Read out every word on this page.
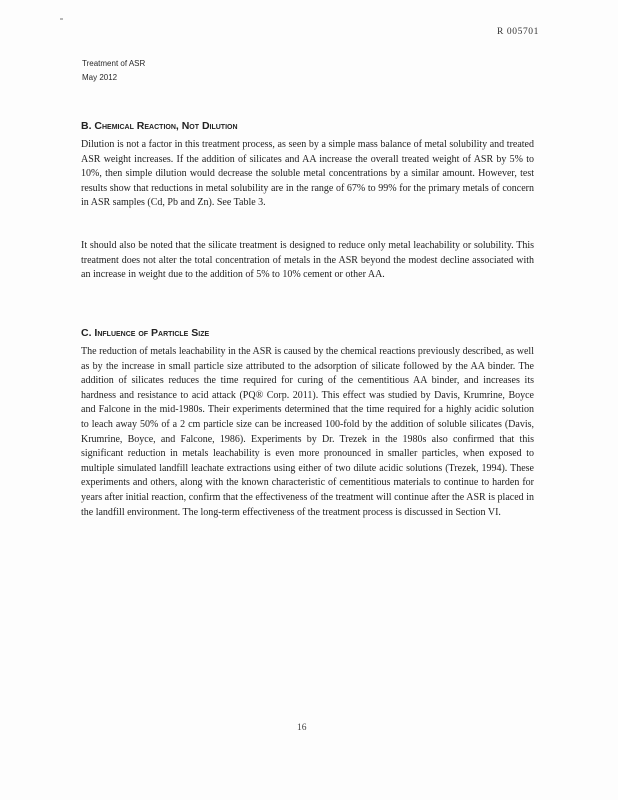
R 005701
Treatment of ASR
May 2012
B. Chemical Reaction, Not Dilution

Dilution is not a factor in this treatment process, as seen by a simple mass balance of metal solubility and treated ASR weight increases. If the addition of silicates and AA increase the overall treated weight of ASR by 5% to 10%, then simple dilution would decrease the soluble metal concentrations by a similar amount. However, test results show that reductions in metal solubility are in the range of 67% to 99% for the primary metals of concern in ASR samples (Cd, Pb and Zn). See Table 3.

It should also be noted that the silicate treatment is designed to reduce only metal leachability or solubility. This treatment does not alter the total concentration of metals in the ASR beyond the modest decline associated with an increase in weight due to the addition of 5% to 10% cement or other AA.

C. Influence of Particle Size

The reduction of metals leachability in the ASR is caused by the chemical reactions previously described, as well as by the increase in small particle size attributed to the adsorption of silicate followed by the AA binder. The addition of silicates reduces the time required for curing of the cementitious AA binder, and increases its hardness and resistance to acid attack (PQ® Corp. 2011). This effect was studied by Davis, Krumrine, Boyce and Falcone in the mid-1980s. Their experiments determined that the time required for a highly acidic solution to leach away 50% of a 2 cm particle size can be increased 100-fold by the addition of soluble silicates (Davis, Krumrine, Boyce, and Falcone, 1986). Experiments by Dr. Trezek in the 1980s also confirmed that this significant reduction in metals leachability is even more pronounced in smaller particles, when exposed to multiple simulated landfill leachate extractions using either of two dilute acidic solutions (Trezek, 1994). These experiments and others, along with the known characteristic of cementitious materials to continue to harden for years after initial reaction, confirm that the effectiveness of the treatment will continue after the ASR is placed in the landfill environment. The long-term effectiveness of the treatment process is discussed in Section VI.

16
